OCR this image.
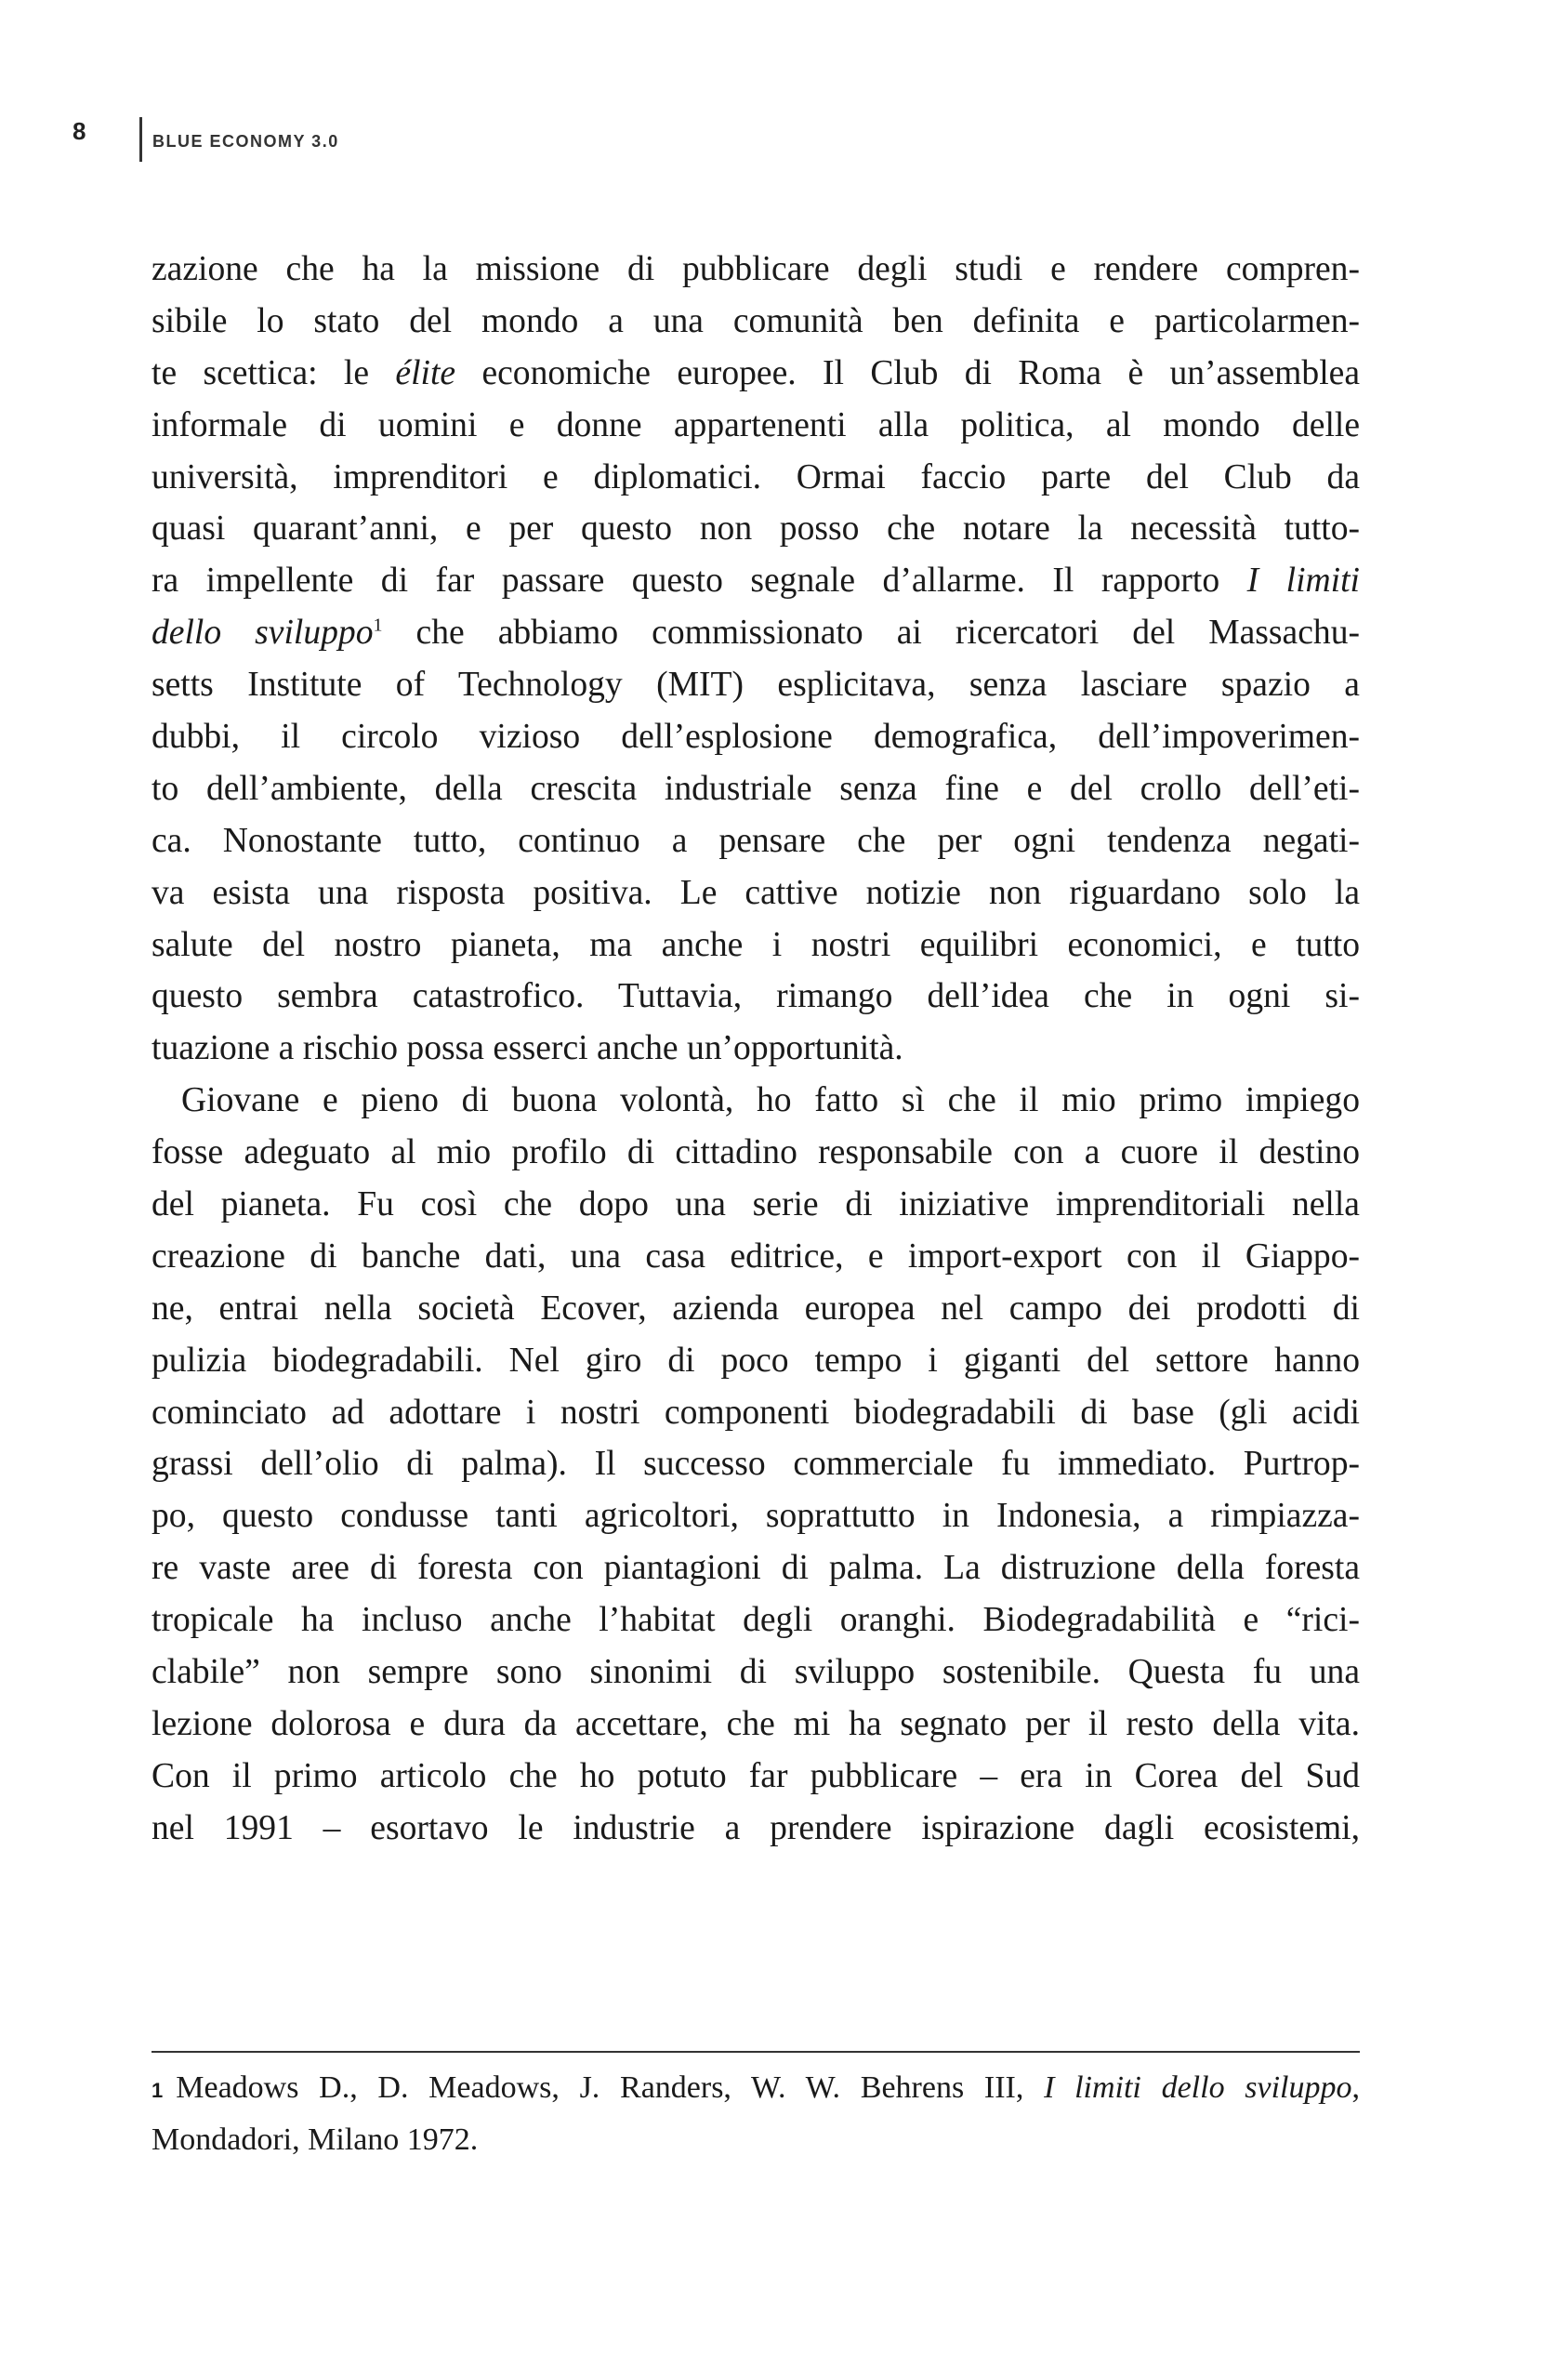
8	BLUE ECONOMY 3.0
zazione che ha la missione di pubblicare degli studi e rendere compren-
sibile lo stato del mondo a una comunità ben definita e particolarmen-
te scettica: le élite economiche europee. Il Club di Roma è un’assemblea
informale di uomini e donne appartenenti alla politica, al mondo delle
università, imprenditori e diplomatici. Ormai faccio parte del Club da
quasi quarant’anni, e per questo non posso che notare la necessità tutto-
ra impellente di far passare questo segnale d’allarme. Il rapporto I limiti
dello sviluppo$^1$ che abbiamo commissionato ai ricercatori del Massachu-
setts Institute of Technology (MIT) esplicitava, senza lasciare spazio a
dubbi, il circolo vizioso dell’esplosione demografica, dell’impoverimen-
to dell’ambiente, della crescita industriale senza fine e del crollo dell’eti-
ca. Nonostante tutto, continuo a pensare che per ogni tendenza negati-
va esista una risposta positiva. Le cattive notizie non riguardano solo la
salute del nostro pianeta, ma anche i nostri equilibri economici, e tutto
questo sembra catastrofico. Tuttavia, rimango dell’idea che in ogni si-
tuazione a rischio possa esserci anche un’opportunità.
Giovane e pieno di buona volontà, ho fatto sì che il mio primo impiego
fosse adeguato al mio profilo di cittadino responsabile con a cuore il destino
del pianeta. Fu così che dopo una serie di iniziative imprenditoriali nella
creazione di banche dati, una casa editrice, e import-export con il Giappo-
ne, entrai nella società Ecover, azienda europea nel campo dei prodotti di
pulizia biodegradabili. Nel giro di poco tempo i giganti del settore hanno
cominciato ad adottare i nostri componenti biodegradabili di base (gli acidi
grassi dell’olio di palma). Il successo commerciale fu immediato. Purtrop-
po, questo condusse tanti agricoltori, soprattutto in Indonesia, a rimpiazza-
re vaste aree di foresta con piantagioni di palma. La distruzione della foresta
tropicale ha incluso anche l’habitat degli oranghi. Biodegradabilità e “rici-
clabile” non sempre sono sinonimi di sviluppo sostenibile. Questa fu una
lezione dolorosa e dura da accettare, che mi ha segnato per il resto della vita.
Con il primo articolo che ho potuto far pubblicare – era in Corea del Sud
nel 1991 – esortavo le industrie a prendere ispirazione dagli ecosistemi,
1 Meadows D., D. Meadows, J. Randers, W. W. Behrens III, I limiti dello sviluppo,
Mondadori, Milano 1972.
